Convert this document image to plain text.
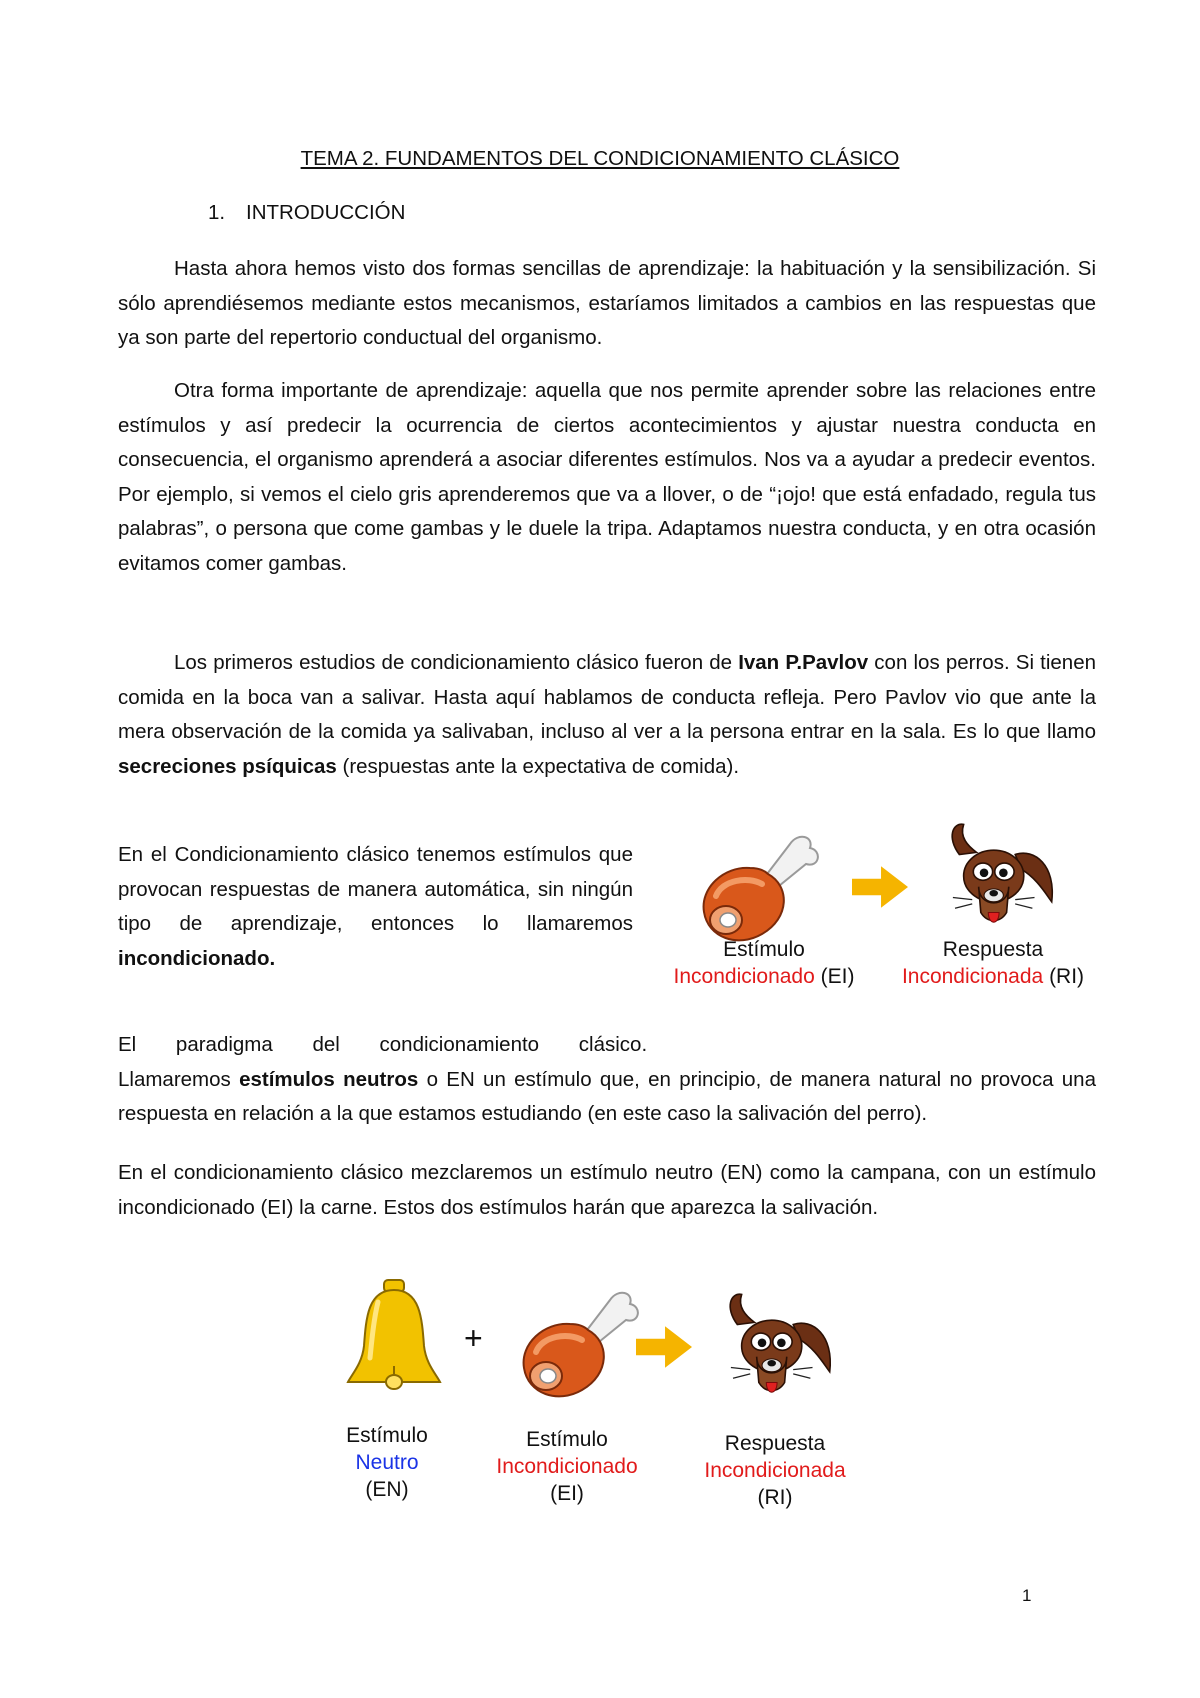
TEMA 2. FUNDAMENTOS DEL CONDICIONAMIENTO CLÁSICO
1. INTRODUCCIÓN

Hasta ahora hemos visto dos formas sencillas de aprendizaje: la habituación y la sensibilización. Si sólo aprendiésemos mediante estos mecanismos, estaríamos limitados a cambios en las respuestas que ya son parte del repertorio conductual del organismo.

Otra forma importante de aprendizaje: aquella que nos permite aprender sobre las relaciones entre estímulos y así predecir la ocurrencia de ciertos acontecimientos y ajustar nuestra conducta en consecuencia, el organismo aprenderá a asociar diferentes estímulos. Nos va a ayudar a predecir eventos. Por ejemplo, si vemos el cielo gris aprenderemos que va a llover, o de “¡ojo! que está enfadado, regula tus palabras”, o persona que come gambas y le duele la tripa. Adaptamos nuestra conducta, y en otra ocasión evitamos comer gambas.

Los primeros estudios de condicionamiento clásico fueron de Ivan P.Pavlov con los perros. Si tienen comida en la boca van a salivar. Hasta aquí hablamos de conducta refleja. Pero Pavlov vio que ante la mera observación de la comida ya salivaban, incluso al ver a la persona entrar en la sala. Es lo que llamo secreciones psíquicas (respuestas ante la expectativa de comida).

En el Condicionamiento clásico tenemos estímulos que provocan respuestas de manera automática, sin ningún tipo de aprendizaje, entonces lo llamaremos incondicionado.	Estímulo
Incondicionado (EI)
Respuesta
Incondicionada (RI)

El paradigma del condicionamiento clásico.

Llamaremos estímulos neutros o EN un estímulo que, en principio, de manera natural no provoca una respuesta en relación a la que estamos estudiando (en este caso la salivación del perro).

En el condicionamiento clásico mezclaremos un estímulo neutro (EN) como la campana, con un estímulo incondicionado (EI) la carne. Estos dos estímulos harán que aparezca la salivación.

+
Estímulo
Neutro
(EN)
Estímulo
Incondicionado
(EI)
Respuesta
Incondicionada
(RI)
1
